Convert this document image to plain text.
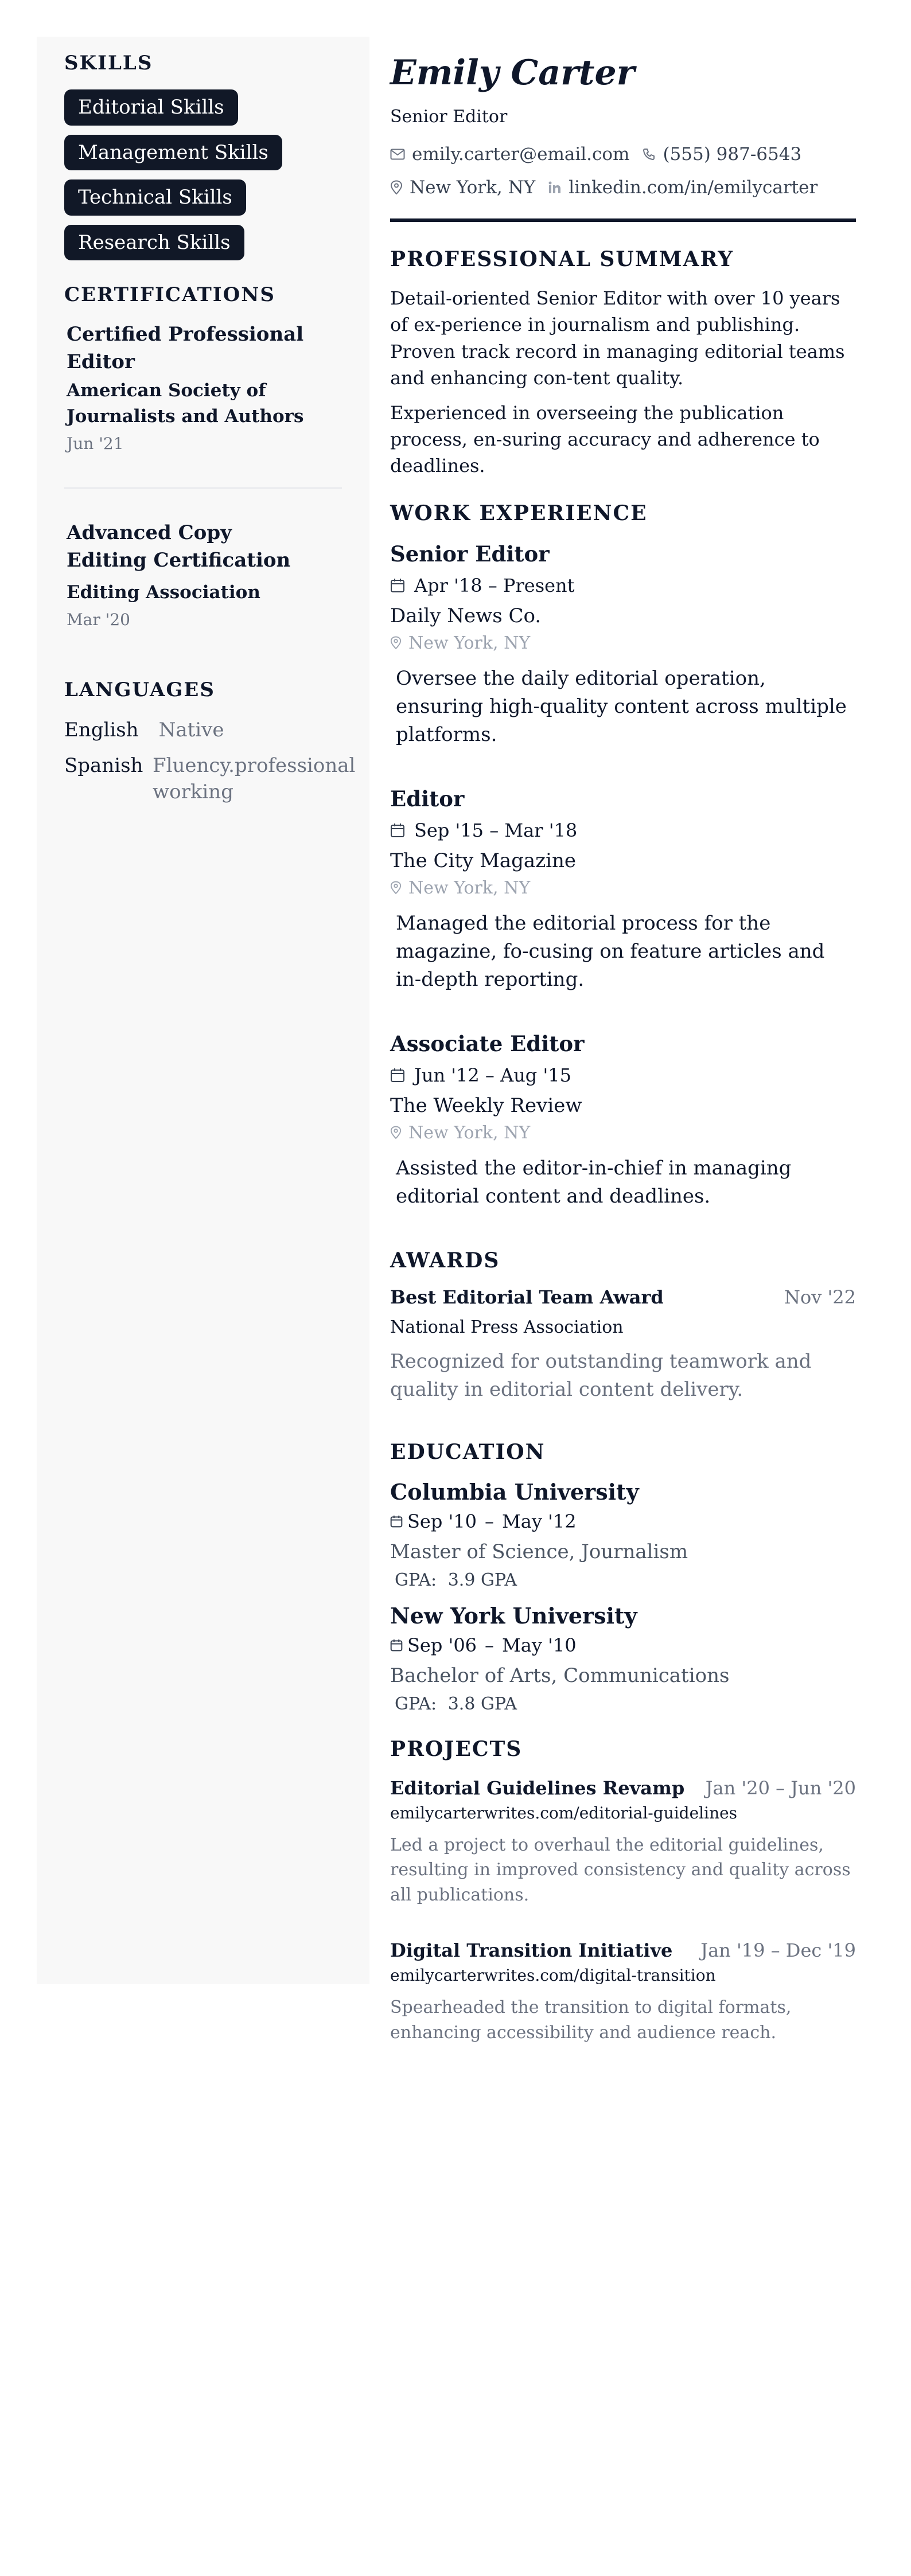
SKILLS
Editorial Skills
Management Skills
Technical Skills
Research Skills
CERTIFICATIONS

Certified Professional Editor

American Society of Journalists and Authors

Jun '21

Advanced Copy Editing Certification

Editing Association

Mar '20
LANGUAGES
English	Native
Spanish Fluency.professional working
Emily Carter
Senior Editor
emily.carter@email.com (555) 987-6543
New York, NY linkedin.com/in/emilycarter
PROFESSIONAL SUMMARY

Detail-oriented Senior Editor with over 10 years of ex-perience in journalism and publishing. Proven track record in managing editorial teams and enhancing con-tent quality.

Experienced in overseeing the publication process, en-suring accuracy and adherence to deadlines.

WORK EXPERIENCE
Senior Editor
Apr '18 – Present
Daily News Co.
New York, NY

Oversee the daily editorial operation, ensuring high-quality content across multiple platforms.

Editor
Sep '15 – Mar '18
The City Magazine
New York, NY

Managed the editorial process for the magazine, fo-cusing on feature articles and in-depth reporting.

Associate Editor
Jun '12 – Aug '15
The Weekly Review
New York, NY

Assisted the editor-in-chief in managing editorial content and deadlines.

AWARDS
Best Editorial Team Award	Nov '22
National Press Association

Recognized for outstanding teamwork and quality in editorial content delivery.

EDUCATION
Columbia University
Sep '10 – May '12
Master of Science, Journalism
GPA: 3.9 GPA
New York University
Sep '06 – May '10
Bachelor of Arts, Communications
GPA: 3.8 GPA
PROJECTS
Editorial Guidelines Revamp Jan '20 – Jun '20
emilycarterwrites.com/editorial-guidelines
Led a project to overhaul the editorial guidelines, resulting in improved consistency and quality across all publications.
Digital Transition Initiative Jan '19 – Dec '19
emilycarterwrites.com/digital-transition
Spearheaded the transition to digital formats, enhancing accessibility and audience reach.
